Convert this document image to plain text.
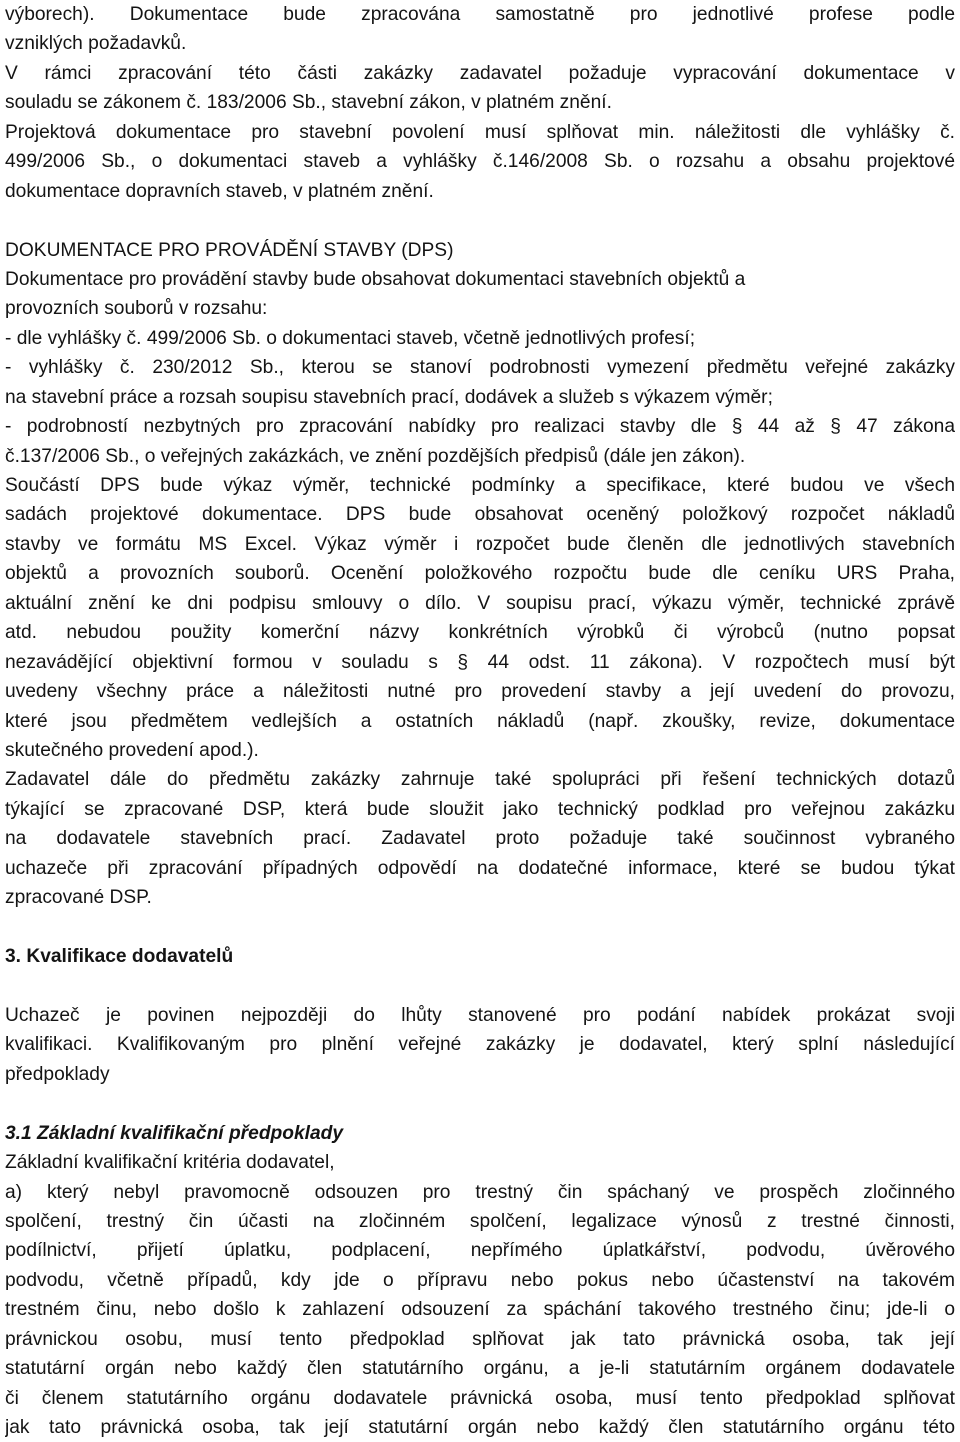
výborech). Dokumentace bude zpracována samostatně pro jednotlivé profese podle
vzniklých požadavků.
V rámci zpracování této části zakázky zadavatel požaduje vypracování dokumentace v
souladu se zákonem č. 183/2006 Sb., stavební zákon, v platném znění.
Projektová dokumentace pro stavební povolení musí splňovat min. náležitosti dle vyhlášky č.
499/2006 Sb., o dokumentaci staveb a vyhlášky č.146/2008 Sb. o rozsahu a obsahu projektové
dokumentace dopravních staveb, v platném znění.
DOKUMENTACE PRO PROVÁDĚNÍ STAVBY (DPS)
Dokumentace pro provádění stavby bude obsahovat dokumentaci stavebních objektů a
provozních souborů v rozsahu:
- dle vyhlášky č. 499/2006 Sb. o dokumentaci staveb, včetně jednotlivých profesí;
- vyhlášky č. 230/2012 Sb., kterou se stanoví podrobnosti vymezení předmětu veřejné zakázky
na stavební práce a rozsah soupisu stavebních prací, dodávek a služeb s výkazem výměr;
- podrobností nezbytných pro zpracování nabídky pro realizaci stavby dle § 44 až § 47 zákona
č.137/2006 Sb., o veřejných zakázkách, ve znění pozdějších předpisů (dále jen zákon).
Součástí DPS bude výkaz výměr, technické podmínky a specifikace, které budou ve všech
sadách projektové dokumentace. DPS bude obsahovat oceněný položkový rozpočet nákladů
stavby ve formátu MS Excel. Výkaz výměr i rozpočet bude členěn dle jednotlivých stavebních
objektů a provozních souborů. Ocenění položkového rozpočtu bude dle ceníku URS Praha,
aktuální znění ke dni podpisu smlouvy o dílo. V soupisu prací, výkazu výměr, technické zprávě
atd. nebudou použity komerční názvy konkrétních výrobků či výrobců (nutno popsat
nezavádějící objektivní formou v souladu s § 44 odst. 11 zákona). V rozpočtech musí být
uvedeny všechny práce a náležitosti nutné pro provedení stavby a její uvedení do provozu,
které jsou předmětem vedlejších a ostatních nákladů (např. zkoušky, revize, dokumentace
skutečného provedení apod.).
Zadavatel dále do předmětu zakázky zahrnuje také spolupráci při řešení technických dotazů
týkající se zpracované DSP, která bude sloužit jako technický podklad pro veřejnou zakázku
na dodavatele stavebních prací. Zadavatel proto požaduje také součinnost vybraného
uchazeče při zpracování případných odpovědí na dodatečné informace, které se budou týkat
zpracované DSP.
3. Kvalifikace dodavatelů
Uchazeč je povinen nejpozději do lhůty stanovené pro podání nabídek prokázat svoji
kvalifikaci. Kvalifikovaným pro plnění veřejné zakázky je dodavatel, který splní následující
předpoklady
3.1 Základní kvalifikační předpoklady
Základní kvalifikační kritéria dodavatel,
a) který nebyl pravomocně odsouzen pro trestný čin spáchaný ve prospěch zločinného
spolčení, trestný čin účasti na zločinném spolčení, legalizace výnosů z trestné činnosti,
podílnictví, přijetí úplatku, podplacení, nepřímého úplatkářství, podvodu, úvěrového
podvodu, včetně případů, kdy jde o přípravu nebo pokus nebo účastenství na takovém
trestném činu, nebo došlo k zahlazení odsouzení za spáchání takového trestného činu; jde-li o
právnickou osobu, musí tento předpoklad splňovat jak tato právnická osoba, tak její
statutární orgán nebo každý člen statutárního orgánu, a je-li statutárním orgánem dodavatele
či členem statutárního orgánu dodavatele právnická osoba, musí tento předpoklad splňovat
jak tato právnická osoba, tak její statutární orgán nebo každý člen statutárního orgánu této
